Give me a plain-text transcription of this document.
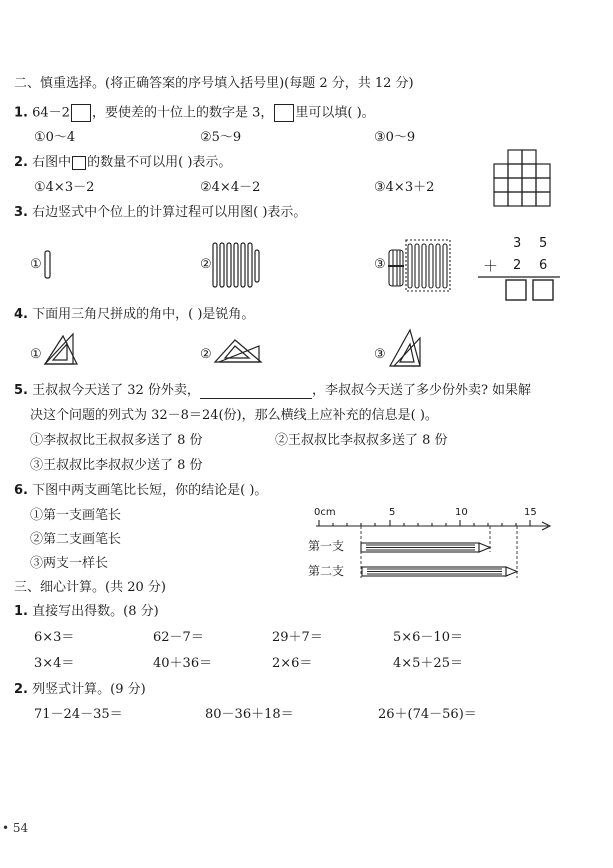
二、慎重选择。(将正确答案的序号填入括号里)(每题 2 分，共 12 分)
1. 64－2 ，要使差的十位上的数字是 3， 里可以填( )。
①0～4	②5～9	③0～9
2. 右图中 的数量不可以用( )表示。
①4×3－2	②4×4－2	③4×3＋2
3. 右边竖式中个位上的计算过程可以用图( )表示。
①	②	③
3 5
＋ 2 6
4. 下面用三角尺拼成的角中，( )是锐角。
①	②	③
5. 王叔叔今天送了 32 份外卖，	，李叔叔今天送了多少份外卖? 如果解
决这个问题的列式为 32－8＝24(份)，那么横线上应补充的信息是( )。
①李叔叔比王叔叔多送了 8 份	②王叔叔比李叔叔多送了 8 份
③王叔叔比李叔叔少送了 8 份
6. 下图中两支画笔比长短，你的结论是( )。
①第一支画笔长
②第二支画笔长
③两支一样长
0cm	5	10	15
第一支
第二支
三、细心计算。(共 20 分)
1. 直接写出得数。(8 分)
6×3＝	62－7＝	29＋7＝	5×6－10＝
3×4＝	40＋36＝	2×6＝	4×5＋25＝
2. 列竖式计算。(9 分)
71－24－35＝	80－36＋18＝	26＋(74－56)＝
• 54
